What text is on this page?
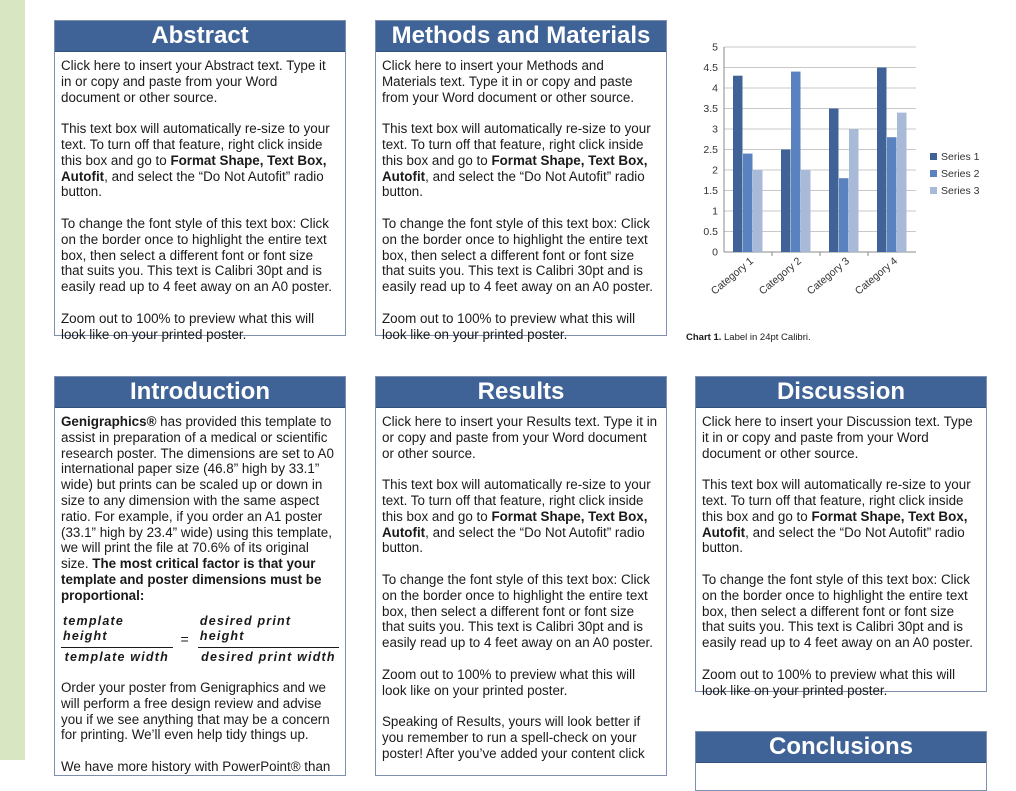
Abstract

Click here to insert your Abstract text. Type it in or copy and paste from your Word document or other source.

This text box will automatically re-size to your text. To turn off that feature, right click inside this box and go to Format Shape, Text Box, Autofit, and select the “Do Not Autofit” radio button.

To change the font style of this text box: Click on the border once to highlight the entire text box, then select a different font or font size that suits you. This text is Calibri 30pt and is easily read up to 4 feet away on an A0 poster.

Zoom out to 100% to preview what this will look like on your printed poster.

Methods and Materials

Click here to insert your Methods and Materials text. Type it in or copy and paste from your Word document or other source.

This text box will automatically re-size to your text. To turn off that feature, right click inside this box and go to Format Shape, Text Box, Autofit, and select the “Do Not Autofit” radio button.

To change the font style of this text box: Click on the border once to highlight the entire text box, then select a different font or font size that suits you. This text is Calibri 30pt and is easily read up to 4 feet away on an A0 poster.

Zoom out to 100% to preview what this will look like on your printed poster.

0
0.5
1
1.5
2
2.5
3
3.5
4
4.5
5
Category 1 Category 2 Category 3 Category 4
Series 1
Series 2
Series 3
Chart 1. Label in 24pt Calibri.
Introduction

Genigraphics® has provided this template to assist in preparation of a medical or scientific research poster. The dimensions are set to A0 international paper size (46.8” high by 33.1” wide) but prints can be scaled up or down in size to any dimension with the same aspect ratio. For example, if you order an A1 poster (33.1” high by 23.4” wide) using this template, we will print the file at 70.6% of its original size. The most critical factor is that your template and poster dimensions must be proportional:

$\frac{\text{template height}}{\text{template width}} = \frac{\text{desired print height}}{\text{desired print width}}$

Order your poster from Genigraphics and we will perform a free design review and advise you if we see anything that may be a concern for printing. We’ll even help tidy things up.

We have more history with PowerPoint® than

Results

Click here to insert your Results text. Type it in or copy and paste from your Word document or other source.

This text box will automatically re-size to your text. To turn off that feature, right click inside this box and go to Format Shape, Text Box, Autofit, and select the “Do Not Autofit” radio button.

To change the font style of this text box: Click on the border once to highlight the entire text box, then select a different font or font size that suits you. This text is Calibri 30pt and is easily read up to 4 feet away on an A0 poster.

Zoom out to 100% to preview what this will look like on your printed poster.

Speaking of Results, yours will look better if you remember to run a spell-check on your poster! After you’ve added your content click

Discussion

Click here to insert your Discussion text. Type it in or copy and paste from your Word document or other source.

This text box will automatically re-size to your text. To turn off that feature, right click inside this box and go to Format Shape, Text Box, Autofit, and select the “Do Not Autofit” radio button.

To change the font style of this text box: Click on the border once to highlight the entire text box, then select a different font or font size that suits you. This text is Calibri 30pt and is easily read up to 4 feet away on an A0 poster.

Zoom out to 100% to preview what this will look like on your printed poster.

Conclusions
